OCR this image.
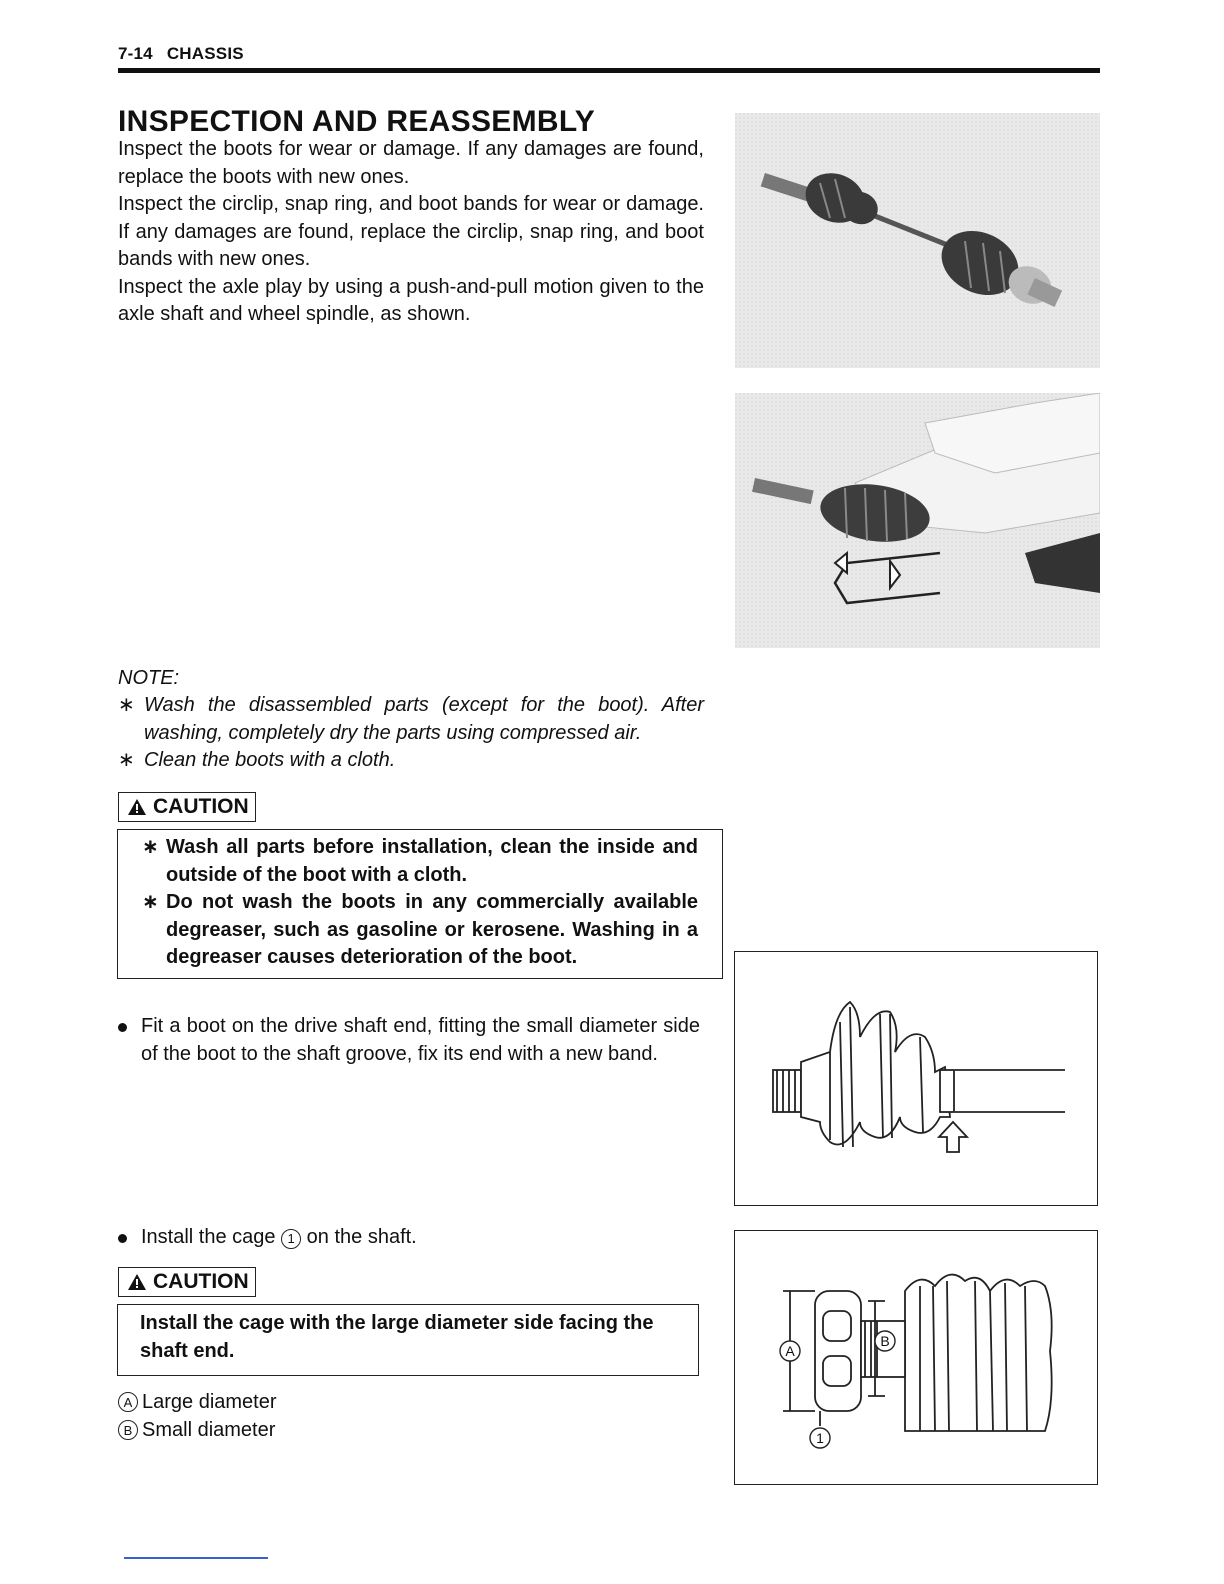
7-14 CHASSIS
INSPECTION AND REASSEMBLY

Inspect the boots for wear or damage. If any damages are found, replace the boots with new ones.

Inspect the circlip, snap ring, and boot bands for wear or damage. If any damages are found, replace the circlip, snap ring, and boot bands with new ones.

Inspect the axle play by using a push-and-pull motion given to the axle shaft and wheel spindle, as shown.

NOTE:
∗ Wash the disassembled parts (except for the boot). After washing, completely dry the parts using compressed air.
∗ Clean the boots with a cloth.
CAUTION
∗ Wash all parts before installation, clean the inside and outside of the boot with a cloth.
∗ Do not wash the boots in any commercially available degreaser, such as gasoline or kerosene. Washing in a degreaser causes deterioration of the boot.
Fit a boot on the drive shaft end, fitting the small diameter side of the boot to the shaft groove, fix its end with a new band.
Install the cage 1 on the shaft.
CAUTION
Install the cage with the large diameter side facing the shaft end.
A Large diameter
B Small diameter
A
B
1
